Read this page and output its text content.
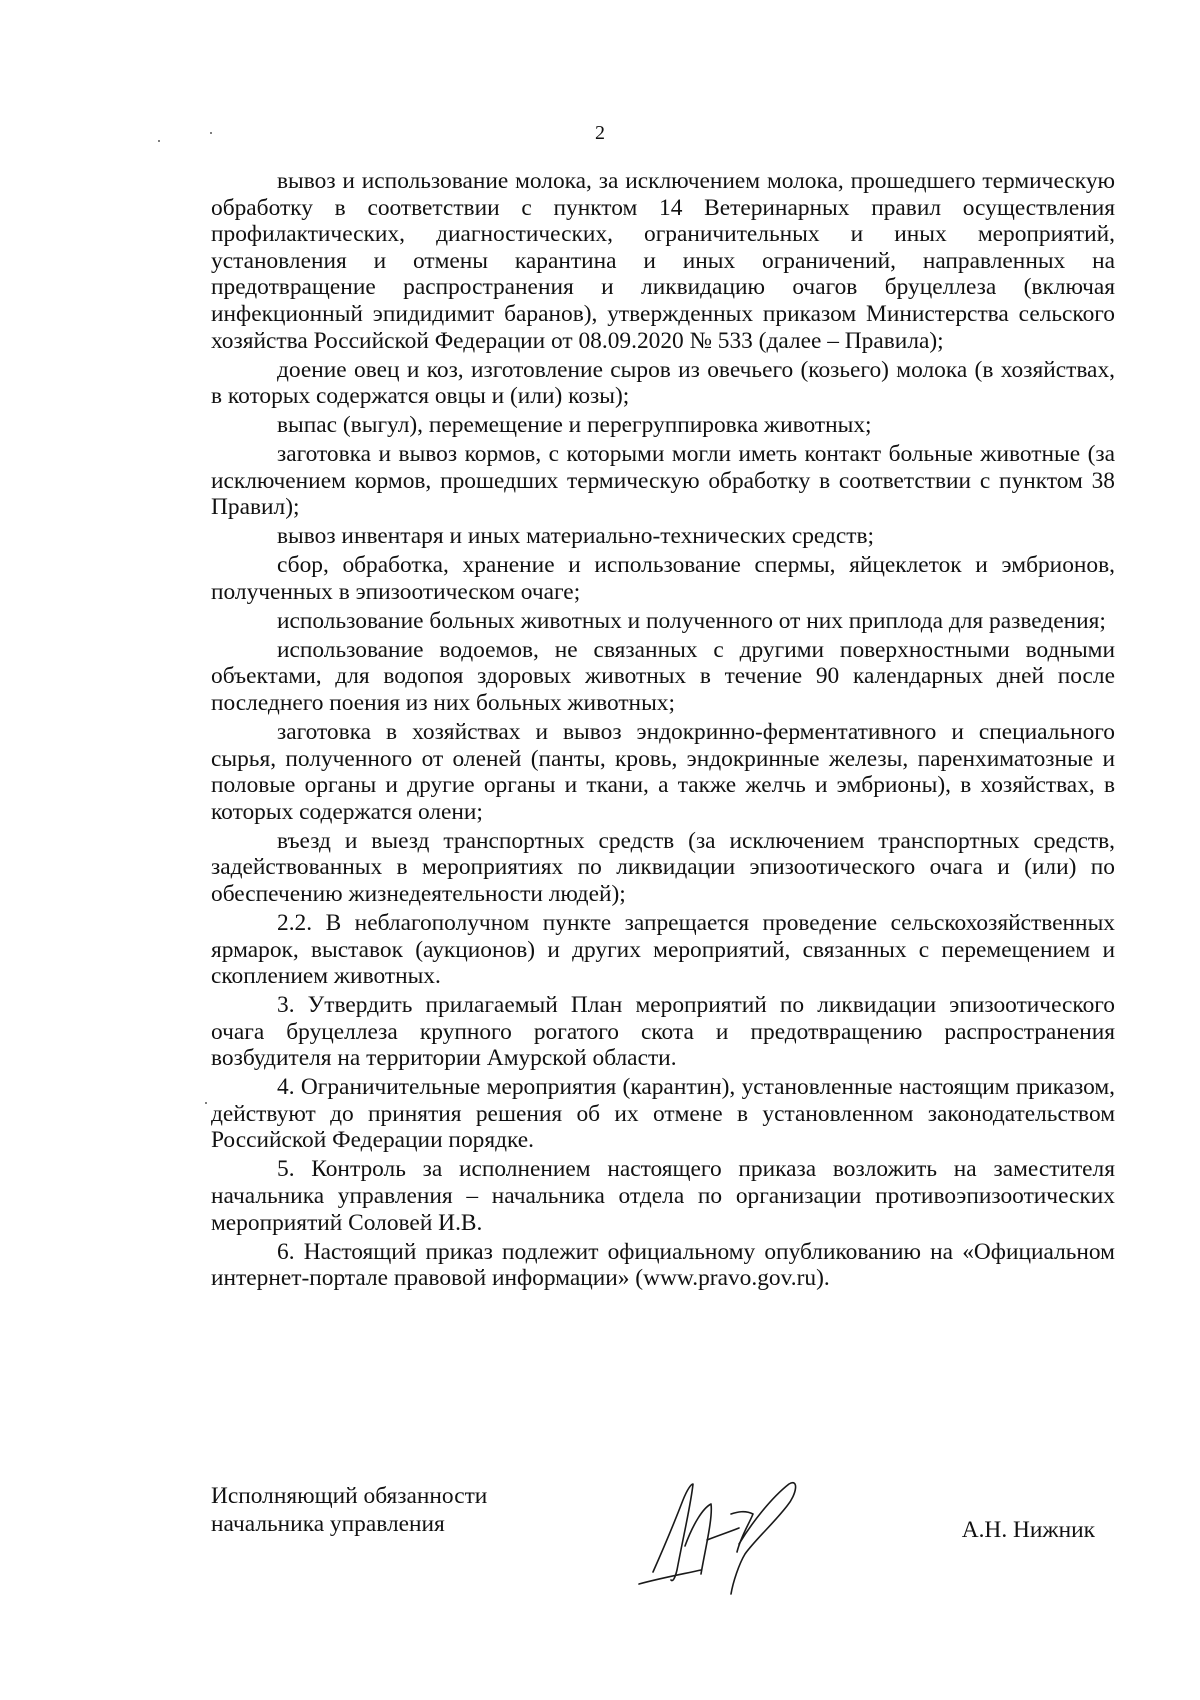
2

вывоз и использование молока, за исключением молока, прошедшего термическую обработку в соответствии с пунктом 14 Ветеринарных правил осуществления профилактических, диагностических, ограничительных и иных мероприятий, установления и отмены карантина и иных ограничений, направленных на предотвращение распространения и ликвидацию очагов бруцеллеза (включая инфекционный эпидидимит баранов), утвержденных приказом Министерства сельского хозяйства Российской Федерации от 08.09.2020 № 533 (далее – Правила);

доение овец и коз, изготовление сыров из овечьего (козьего) молока (в хозяйствах, в которых содержатся овцы и (или) козы);

выпас (выгул), перемещение и перегруппировка животных;

заготовка и вывоз кормов, с которыми могли иметь контакт больные животные (за исключением кормов, прошедших термическую обработку в соответствии с пунктом 38 Правил);

вывоз инвентаря и иных материально-технических средств;

сбор, обработка, хранение и использование спермы, яйцеклеток и эмбрионов, полученных в эпизоотическом очаге;

использование больных животных и полученного от них приплода для разведения;

использование водоемов, не связанных с другими поверхностными водными объектами, для водопоя здоровых животных в течение 90 календарных дней после последнего поения из них больных животных;

заготовка в хозяйствах и вывоз эндокринно-ферментативного и специального сырья, полученного от оленей (панты, кровь, эндокринные железы, паренхиматозные и половые органы и другие органы и ткани, а также желчь и эмбрионы), в хозяйствах, в которых содержатся олени;

въезд и выезд транспортных средств (за исключением транспортных средств, задействованных в мероприятиях по ликвидации эпизоотического очага и (или) по обеспечению жизнедеятельности людей);

2.2. В неблагополучном пункте запрещается проведение сельскохозяйственных ярмарок, выставок (аукционов) и других мероприятий, связанных с перемещением и скоплением животных.

3. Утвердить прилагаемый План мероприятий по ликвидации эпизоотического очага бруцеллеза крупного рогатого скота и предотвращению распространения возбудителя на территории Амурской области.

4. Ограничительные мероприятия (карантин), установленные настоящим приказом, действуют до принятия решения об их отмене в установленном законодательством Российской Федерации порядке.

5. Контроль за исполнением настоящего приказа возложить на заместителя начальника управления – начальника отдела по организации противоэпизоотических мероприятий Соловей И.В.

6. Настоящий приказ подлежит официальному опубликованию на «Официальном интернет-портале правовой информации» (www.pravo.gov.ru).

Исполняющий обязанности
начальника управления	А.Н. Нижник
